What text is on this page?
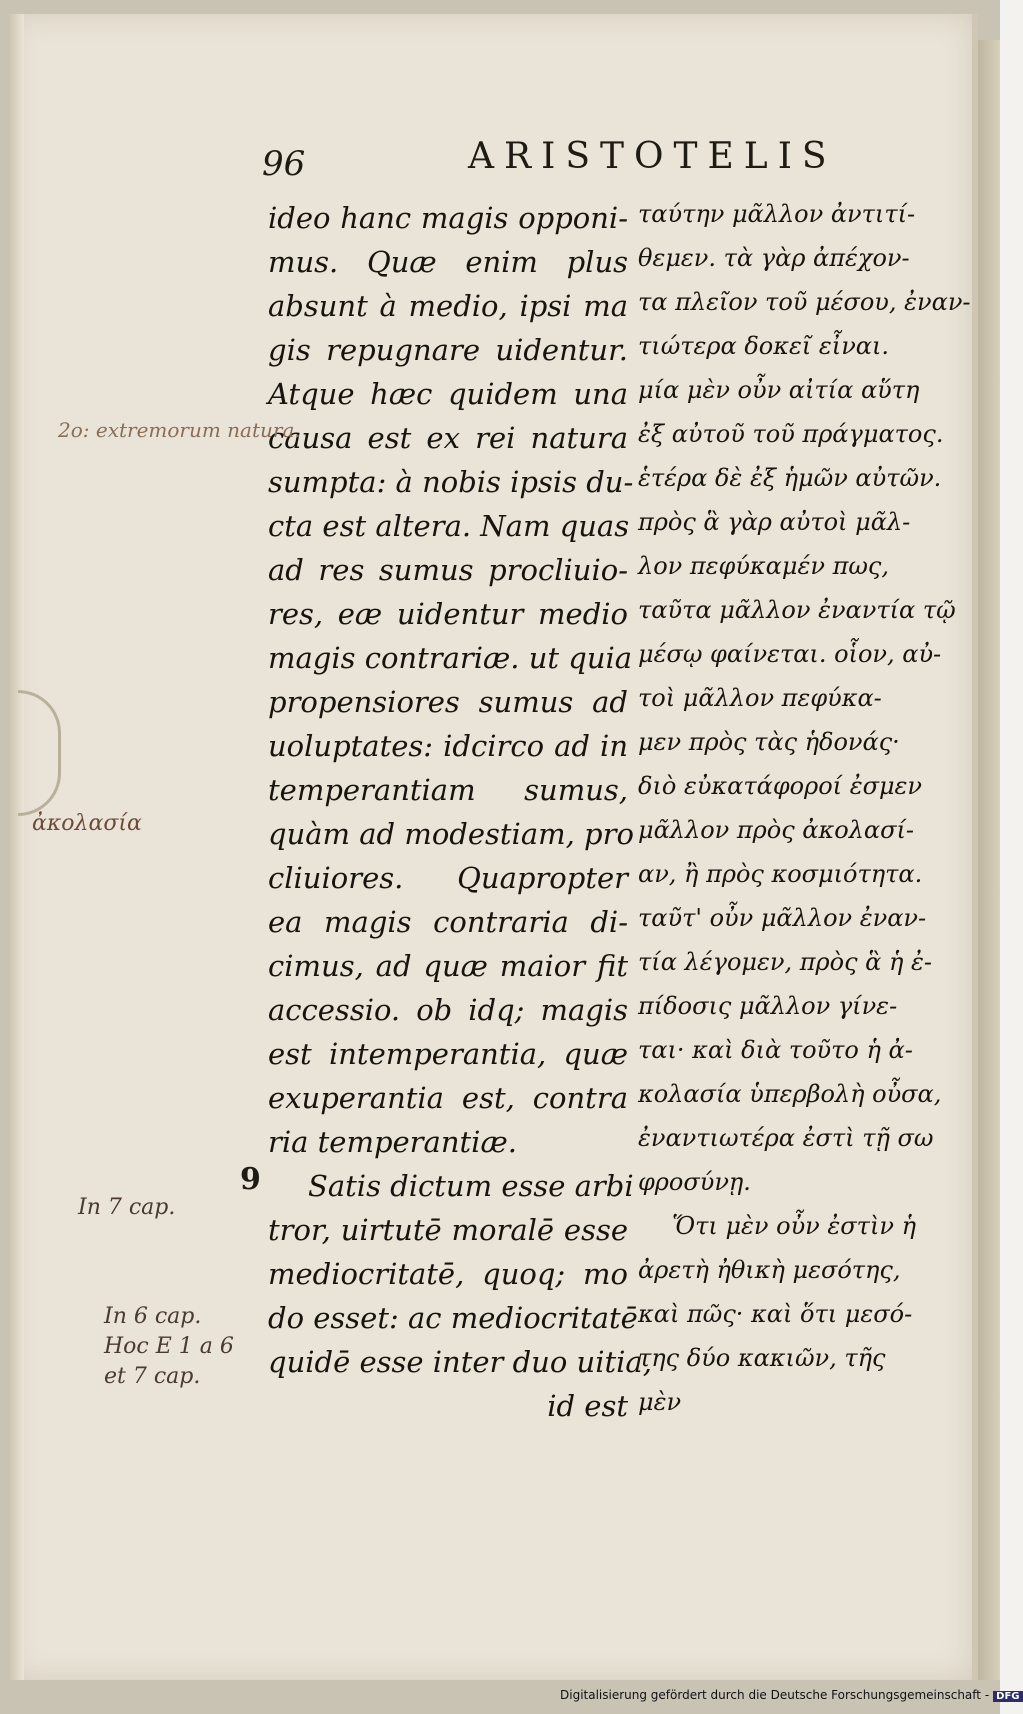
96	ARISTOTELIS
ideo hanc magis opponi-
mus. Quæ enim plus
absunt à medio, ipsi ma
gis repugnare uidentur.
Atque hæc quidem una
causa est ex rei natura
sumpta: à nobis ipsis du-
cta est altera. Nam quas
ad res sumus procliuio-
res, eæ uidentur medio
magis contrariæ. ut quia
propensiores sumus ad
uoluptates: idcirco ad in
temperantiam sumus,
quàm ad modestiam, pro
cliuiores. Quapropter
ea magis contraria di-
cimus, ad quæ maior fit
accessio. ob idq; magis
est intemperantia, quæ
exuperantia est, contra
ria temperantiæ.
Satis dictum esse arbi
tror, uirtutē moralē esse
mediocritatē, quoq; mo
do esset: ac mediocritatē
quidē esse inter duo uitia,
id est
ταύτην μᾶλλον ἀντιτί-
θεμεν. τὰ γὰρ ἀπέχον-
τα πλεῖον τοῦ μέσου, ἐναν-
τιώτερα δοκεῖ εἶναι.
μία μὲν οὖν αἰτία αὕτη
ἐξ αὐτοῦ τοῦ πράγματος.
ἑτέρα δὲ ἐξ ἡμῶν αὐτῶν.
πρὸς ἃ γὰρ αὐτοὶ μᾶλ-
λον πεφύκαμέν πως,
ταῦτα μᾶλλον ἐναντία τῷ
μέσῳ φαίνεται. οἷον, αὐ-
τοὶ μᾶλλον πεφύκα-
μεν πρὸς τὰς ἡδονάς·
διὸ εὐκατάφοροί ἐσμεν
μᾶλλον πρὸς ἀκολασί-
αν, ἢ πρὸς κοσμιότητα.
ταῦτ' οὖν μᾶλλον ἐναν-
τία λέγομεν, πρὸς ἃ ἡ ἐ-
πίδοσις μᾶλλον γίνε-
ται· καὶ διὰ τοῦτο ἡ ἀ-
κολασία ὑπερβολὴ οὖσα,
ἐναντιωτέρα ἐστὶ τῇ σω
φροσύνῃ.
Ὅτι μὲν οὖν ἐστὶν ἡ
ἀρετὴ ἠθικὴ μεσότης,
καὶ πῶς· καὶ ὅτι μεσό-
της δύο κακιῶν, τῆς
μὲν
9
2o: extremorum natura.
ἀκολασία
In 7 cap.
In 6 cap.
Hoc Ε 1 a 6
et 7 cap.
Digitalisierung gefördert durch die Deutsche Forschungsgemeinschaft - DFG
